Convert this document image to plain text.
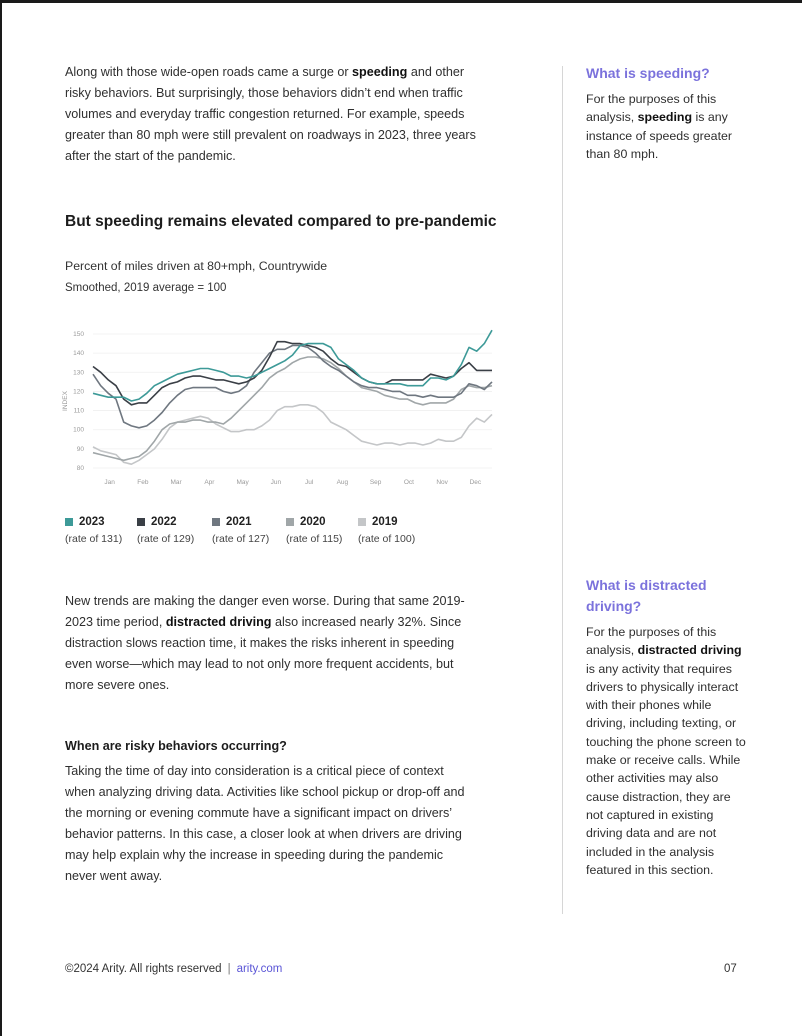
Along with those wide-open roads came a surge or speeding and other risky behaviors. But surprisingly, those behaviors didn’t end when traffic volumes and everyday traffic congestion returned. For example, speeds greater than 80 mph were still prevalent on roadways in 2023, three years after the start of the pandemic.

But speeding remains elevated compared to pre-pandemic
Percent of miles driven at 80+mph, Countrywide
Smoothed, 2019 average = 100
80
90
100
110
120
130
140
150
Jan	Feb	Mar	Apr	May	Jun	Jul	Aug	Sep	Oct	Nov	Dec
INDEX
2023
(rate of 131)
2022
(rate of 129)
2021
(rate of 127)
2020
(rate of 115)
2019
(rate of 100)

New trends are making the danger even worse. During that same 2019-2023 time period, distracted driving also increased nearly 32%. Since distraction slows reaction time, it makes the risks inherent in speeding even worse—which may lead to not only more frequent accidents, but more severe ones.

When are risky behaviors occurring?

Taking the time of day into consideration is a critical piece of context when analyzing driving data. Activities like school pickup or drop-off and the morning or evening commute have a significant impact on drivers’ behavior patterns. In this case, a closer look at when drivers are driving may help explain why the increase in speeding during the pandemic never went away.

What is speeding?

For the purposes of this analysis, speeding is any instance of speeds greater than 80 mph.

What is distracted driving?

For the purposes of this analysis, distracted driving is any activity that requires drivers to physically interact with their phones while driving, including texting, or touching the phone screen to make or receive calls. While other activities may also cause distraction, they are not captured in existing driving data and are not included in the analysis featured in this section.

©2024 Arity. All rights reserved | arity.com	07
